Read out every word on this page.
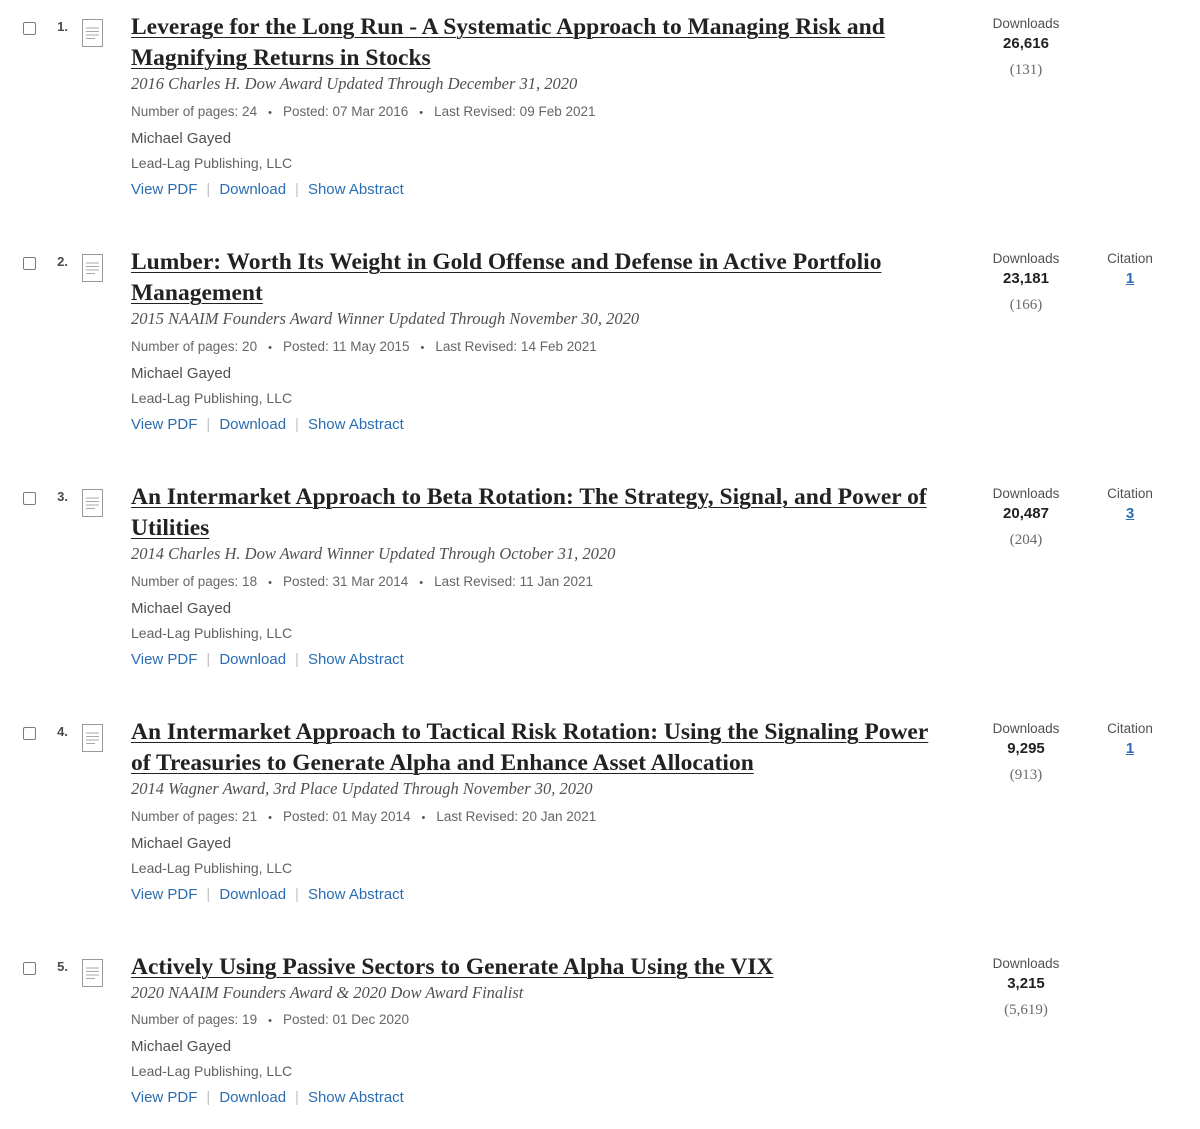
1.	Leverage for the Long Run - A Systematic Approach to Managing Risk and Magnifying Returns in Stocks
2016 Charles H. Dow Award Updated Through December 31, 2020
Number of pages: 24 • Posted: 07 Mar 2016 • Last Revised: 09 Feb 2021
Michael Gayed
Lead-Lag Publishing, LLC
View PDF | Download | Show Abstract
Downloads
26,616
(131)
2.	Lumber: Worth Its Weight in Gold Offense and Defense in Active Portfolio Management
2015 NAAIM Founders Award Winner Updated Through November 30, 2020
Number of pages: 20 • Posted: 11 May 2015 • Last Revised: 14 Feb 2021
Michael Gayed
Lead-Lag Publishing, LLC
View PDF | Download | Show Abstract
Downloads
23,181
(166)
Citation
1
3.	An Intermarket Approach to Beta Rotation: The Strategy, Signal, and Power of Utilities
2014 Charles H. Dow Award Winner Updated Through October 31, 2020
Number of pages: 18 • Posted: 31 Mar 2014 • Last Revised: 11 Jan 2021
Michael Gayed
Lead-Lag Publishing, LLC
View PDF | Download | Show Abstract
Downloads
20,487
(204)
Citation
3
4.	An Intermarket Approach to Tactical Risk Rotation: Using the Signaling Power of Treasuries to Generate Alpha and Enhance Asset Allocation
2014 Wagner Award, 3rd Place Updated Through November 30, 2020
Number of pages: 21 • Posted: 01 May 2014 • Last Revised: 20 Jan 2021
Michael Gayed
Lead-Lag Publishing, LLC
View PDF | Download | Show Abstract
Downloads
9,295
(913)
Citation
1
5.	Actively Using Passive Sectors to Generate Alpha Using the VIX
2020 NAAIM Founders Award & 2020 Dow Award Finalist
Number of pages: 19 • Posted: 01 Dec 2020
Michael Gayed
Lead-Lag Publishing, LLC
View PDF | Download | Show Abstract
Downloads
3,215
(5,619)
